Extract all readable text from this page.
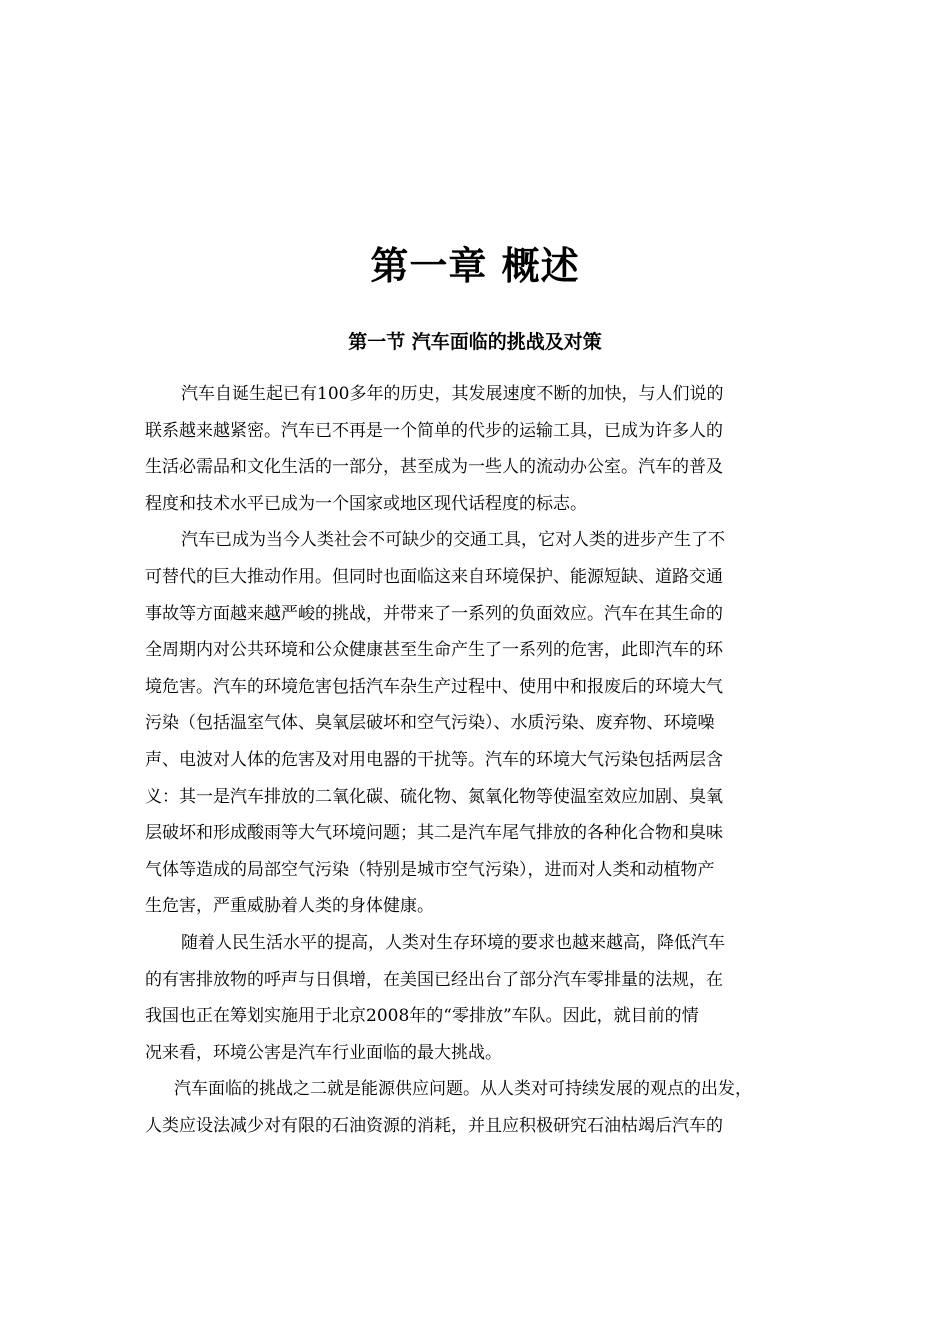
第一章 概述
第一节 汽车面临的挑战及对策
汽车自诞生起已有100多年的历史，其发展速度不断的加快，与人们说的
联系越来越紧密。汽车已不再是一个简单的代步的运输工具，已成为许多人的
生活必需品和文化生活的一部分，甚至成为一些人的流动办公室。汽车的普及
程度和技术水平已成为一个国家或地区现代话程度的标志。
汽车已成为当今人类社会不可缺少的交通工具，它对人类的进步产生了不
可替代的巨大推动作用。但同时也面临这来自环境保护、能源短缺、道路交通
事故等方面越来越严峻的挑战，并带来了一系列的负面效应。汽车在其生命的
全周期内对公共环境和公众健康甚至生命产生了一系列的危害，此即汽车的环
境危害。汽车的环境危害包括汽车杂生产过程中、使用中和报废后的环境大气
污染（包括温室气体、臭氧层破坏和空气污染）、水质污染、废弃物、环境噪
声、电波对人体的危害及对用电器的干扰等。汽车的环境大气污染包括两层含
义：其一是汽车排放的二氧化碳、硫化物、氮氧化物等使温室效应加剧、臭氧
层破坏和形成酸雨等大气环境问题；其二是汽车尾气排放的各种化合物和臭味
气体等造成的局部空气污染（特别是城市空气污染），进而对人类和动植物产
生危害，严重威胁着人类的身体健康。
随着人民生活水平的提高，人类对生存环境的要求也越来越高，降低汽车
的有害排放物的呼声与日俱增，在美国已经出台了部分汽车零排量的法规，在
我国也正在筹划实施用于北京2008年的“零排放”车队。因此，就目前的情
况来看，环境公害是汽车行业面临的最大挑战。
汽车面临的挑战之二就是能源供应问题。从人类对可持续发展的观点的出发，
人类应设法减少对有限的石油资源的消耗，并且应积极研究石油枯竭后汽车的
